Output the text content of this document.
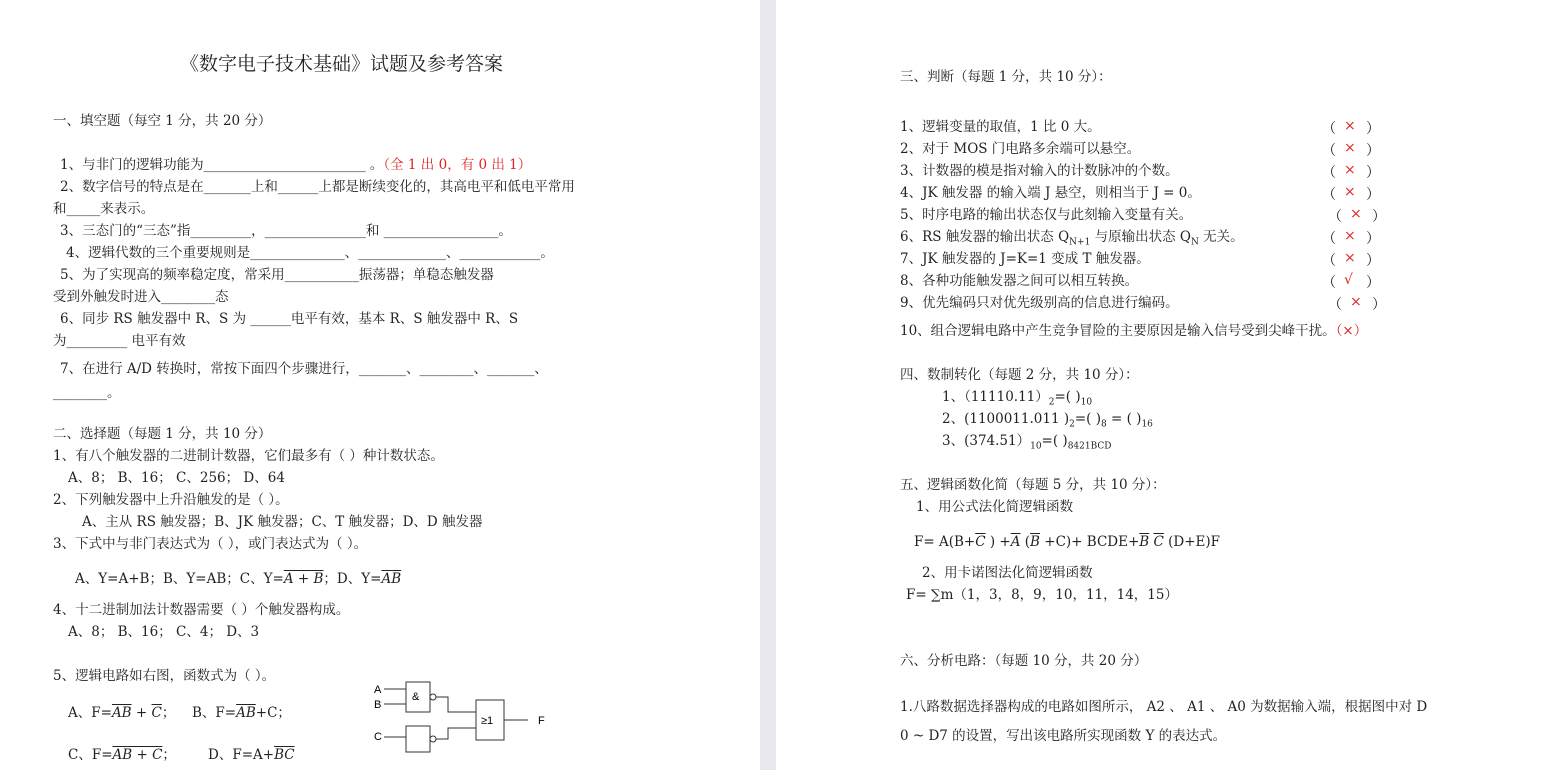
《数字电子技术基础》试题及参考答案
一、填空题（每空 1 分，共 20 分）
1、与非门的逻辑功能为________________________ 。（全 1 出 0，有 0 出 1）
2、数字信号的特点是在_______上和______上都是断续变化的，其高电平和低电平常用
和_____来表示。
3、三态门的“三态”指_________，_______________和 _________________。
4、逻辑代数的三个重要规则是______________、_____________、____________。
5、为了实现高的频率稳定度，常采用___________振荡器；单稳态触发器
受到外触发时进入________态
6、同步 RS 触发器中 R、S 为 ______电平有效，基本 R、S 触发器中 R、S
为_________ 电平有效
7、在进行 A/D 转换时，常按下面四个步骤进行，_______、________、_______、
________。
二、选择题（每题 1 分，共 10 分）
1、有八个触发器的二进制计数器，它们最多有（ ）种计数状态。
A、8； B、16； C、256； D、64
2、下列触发器中上升沿触发的是（ ）。
A、主从 RS 触发器；B、JK 触发器；C、T 触发器；D、D 触发器
3、下式中与非门表达式为（ ），或门表达式为（ ）。
A、Y=A+B；B、Y=AB；C、Y=A + B；D、$Y=\overline{AB}$
4、十二进制加法计数器需要（ ）个触发器构成。
A、8； B、16； C、4； D、3
5、逻辑电路如右图，函数式为（ ）。
A、$F=\overline{AB} + \overline{C}$； B、$F=\overline{AB}+C$；
C、F=AB + C； D、$F=A+\overline{BC}$
A
B
&
C
≥1	F
三、判断（每题 1 分，共 10 分）：
1、逻辑变量的取值，1 比 0 大。
2、对于 MOS 门电路多余端可以悬空。
3、计数器的模是指对输入的计数脉冲的个数。
4、JK 触发器 的输入端 J 悬空，则相当于 J = 0。
5、时序电路的输出状态仅与此刻输入变量有关。
6、RS 触发器的输出状态 $Q_{N+1}$ 与原输出状态 $Q_N$ 无关。
7、JK 触发器的 J=K=1 变成 T 触发器。
8、各种功能触发器之间可以相互转换。
9、优先编码只对优先级别高的信息进行编码。
10、组合逻辑电路中产生竞争冒险的主要原因是输入信号受到尖峰干扰。（×）
（ × ）
（ × ）
（ × ）
（ × ）
（ × ）
（ × ）
（ × ）
（ √ ）
（ × ）
四、数制转化（每题 2 分，共 10 分）：
1、$(11110.11)_2=$( )$_{10}$
2、(1100011.011 )$_2=$( )$_8$ = ( )$_{16}$
3、$(374.51)_{10}=$( )$_{8421BCD}$
五、逻辑函数化简（每题 5 分，共 10 分）：
1、用公式法化简逻辑函数
$F= A(B+\overline{C}$ ) $+\overline{A}$ $(\overline{B} +C)+$ $BCDE+\overline{B}$ $\overline{C}$ (D+E)F
2、用卡诺图法化简逻辑函数
F= ∑m（1，3，8，9，10，11，14，15）
六、分析电路：（每题 10 分，共 20 分）
1.八路数据选择器构成的电路如图所示， A2 、 A1 、 A0 为数据输入端，根据图中对 D
0 ~ D7 的设置，写出该电路所实现函数 Y 的表达式。
